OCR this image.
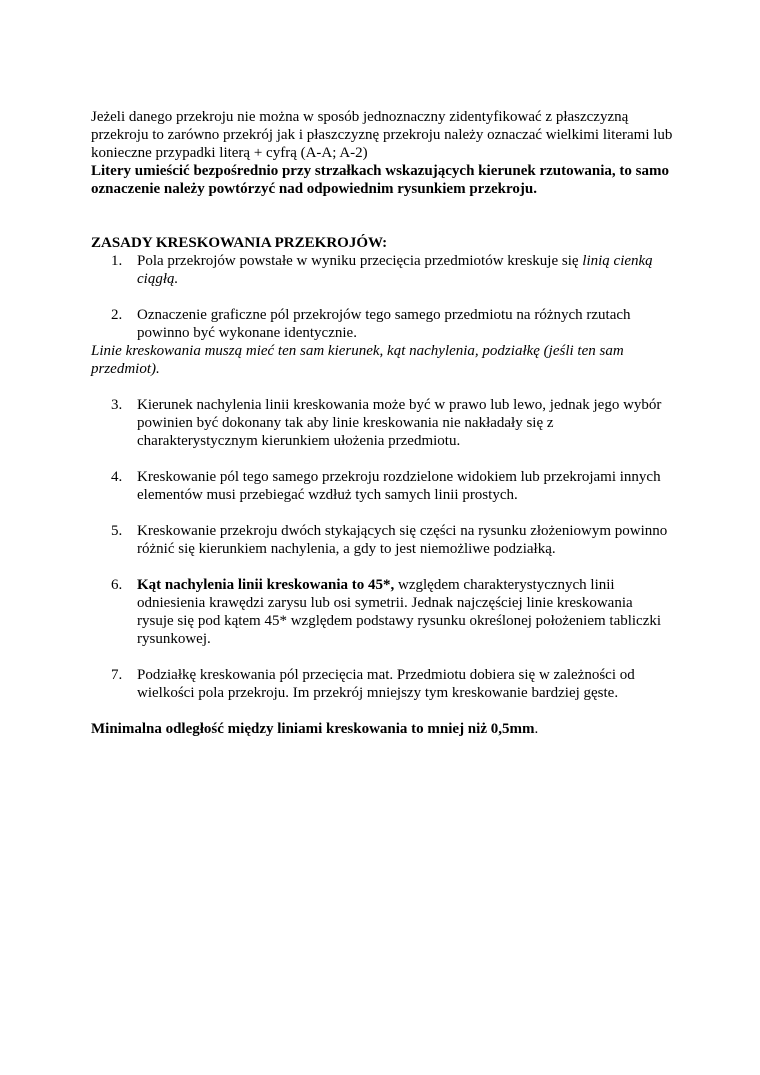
Jeżeli danego przekroju nie można w sposób jednoznaczny zidentyfikować z płaszczyzną przekroju to zarówno przekrój jak i płaszczyznę przekroju należy oznaczać wielkimi literami lub konieczne przypadki literą + cyfrą (A-A; A-2)

Litery umieścić bezpośrednio przy strzałkach wskazujących kierunek rzutowania, to samo oznaczenie należy powtórzyć nad odpowiednim rysunkiem przekroju.

ZASADY KRESKOWANIA PRZEKROJÓW:

1. Pola przekrojów powstałe w wyniku przecięcia przedmiotów kreskuje się linią cienką ciągłą.
2. Oznaczenie graficzne pól przekrojów tego samego przedmiotu na różnych rzutach powinno być wykonane identycznie.

Linie kreskowania muszą mieć ten sam kierunek, kąt nachylenia, podziałkę (jeśli ten sam przedmiot).

3. Kierunek nachylenia linii kreskowania może być w prawo lub lewo, jednak jego wybór powinien być dokonany tak aby linie kreskowania nie nakładały się z charakterystycznym kierunkiem ułożenia przedmiotu.
4. Kreskowanie pól tego samego przekroju rozdzielone widokiem lub przekrojami innych elementów musi przebiegać wzdłuż tych samych linii prostych.
5. Kreskowanie przekroju dwóch stykających się części na rysunku złożeniowym powinno różnić się kierunkiem nachylenia, a gdy to jest niemożliwe podziałką.
6. Kąt nachylenia linii kreskowania to 45*, względem charakterystycznych linii odniesienia krawędzi zarysu lub osi symetrii. Jednak najczęściej linie kreskowania rysuje się pod kątem 45* względem podstawy rysunku określonej położeniem tabliczki rysunkowej.
7. Podziałkę kreskowania pól przecięcia mat. Przedmiotu dobiera się w zależności od wielkości pola przekroju. Im przekrój mniejszy tym kreskowanie bardziej gęste.

Minimalna odległość między liniami kreskowania to mniej niż 0,5mm.
